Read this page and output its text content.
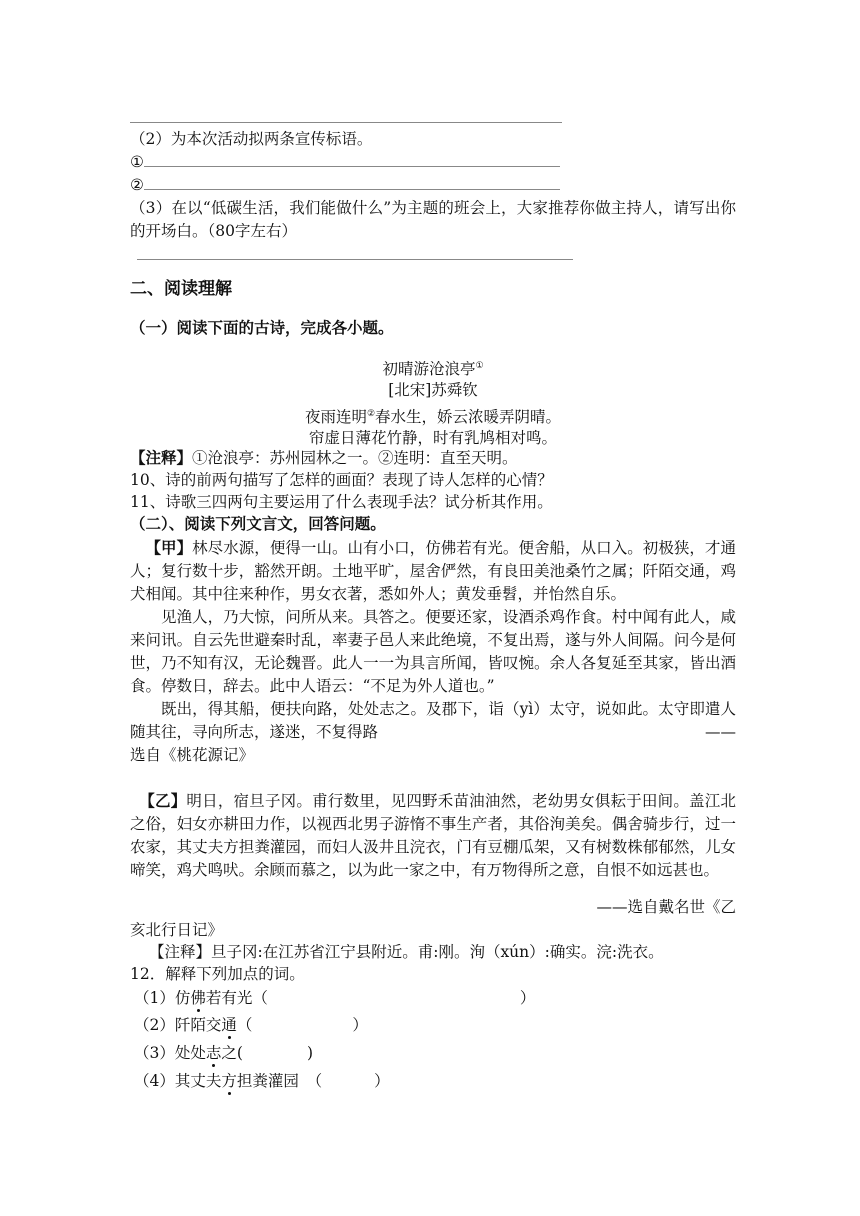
（2）为本次活动拟两条宣传标语。
①
②
（3）在以“低碳生活，我们能做什么”为主题的班会上，大家推荐你做主持人，请写出你的开场白。（80字左右）
二、阅读理解
（一）阅读下面的古诗，完成各小题。
初晴游沧浪亭①
[北宋]苏舜钦
夜雨连明②春水生，娇云浓暖弄阴晴。
帘虚日薄花竹静，时有乳鸠相对鸣。
【注释】①沧浪亭：苏州园林之一。②连明：直至天明。
10、诗的前两句描写了怎样的画面？表现了诗人怎样的心情？
11、诗歌三四两句主要运用了什么表现手法？试分析其作用。
（二）、阅读下列文言文，回答问题。
【甲】林尽水源，便得一山。山有小口，仿佛若有光。便舍船，从口入。初极狭，才通人；复行数十步，豁然开朗。土地平旷，屋舍俨然，有良田美池桑竹之属；阡陌交通，鸡犬相闻。其中往来种作，男女衣著，悉如外人；黄发垂髫，并怡然自乐。
见渔人，乃大惊，问所从来。具答之。便要还家，设酒杀鸡作食。村中闻有此人，咸来问讯。自云先世避秦时乱，率妻子邑人来此绝境，不复出焉，遂与外人间隔。问今是何世，乃不知有汉，无论魏晋。此人一一为具言所闻，皆叹惋。余人各复延至其家，皆出酒食。停数日，辞去。此中人语云：“不足为外人道也。”
既出，得其船，便扶向路，处处志之。及郡下，诣（yì）太守，说如此。太守即遣人随其往，寻向所志，遂迷，不复得路	——
选自《桃花源记》
【乙】明日，宿旦子冈。甫行数里，见四野禾苗油油然，老幼男女俱耘于田间。盖江北之俗，妇女亦耕田力作，以视西北男子游惰不事生产者，其俗洵美矣。偶舍骑步行，过一农家，其丈夫方担粪灌园，而妇人汲井且浣衣，门有豆棚瓜架，又有树数株郁郁然，儿女啼笑，鸡犬鸣吠。余顾而慕之，以为此一家之中，有万物得所之意，自恨不如远甚也。
——选自戴名世《乙
亥北行日记》
【注释】旦子冈:在江苏省江宁县附近。甫:刚。洵（xún）:确实。浣:洗衣。
12．解释下列加点的词。
（1）仿佛若有光（	）
（2）阡陌交通（	）
（3）处处志之(	)
（4）其丈夫方担粪灌园　（	）
